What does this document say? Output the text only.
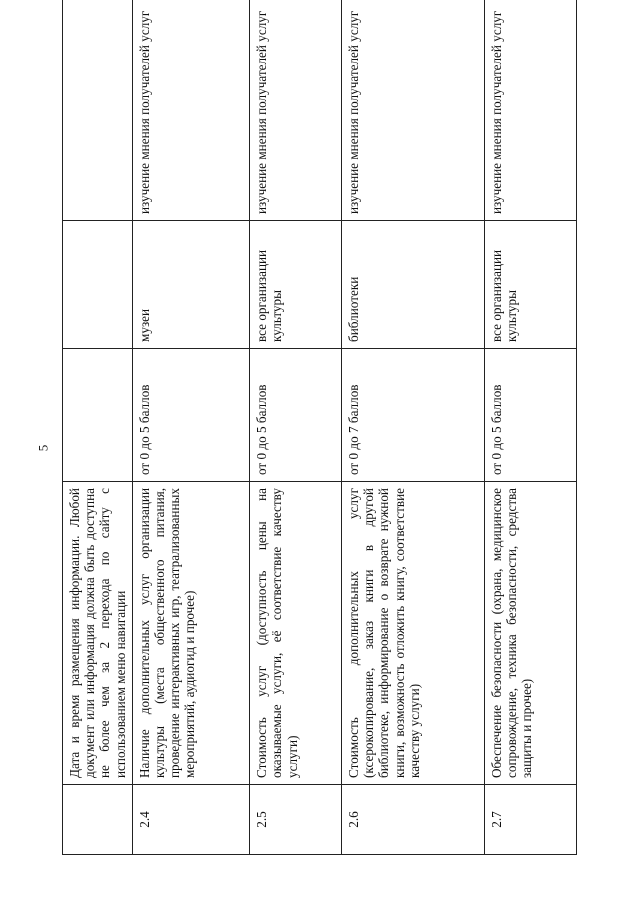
5
	Дата и время размещения информации. Любой документ или информация должна быть доступна не более чем за 2 перехода по сайту с использованием меню навигации			
2.4	Наличие дополнительных услуг организации культуры (места общественного питания, проведение интерактивных игр, театрализованных мероприятий, аудиогид и прочее)	от 0 до 5 баллов	музеи	изучение мнения получателей услуг
2.5	Стоимость услуг (доступность цены на оказываемые услуги, её соответствие качеству услуги)	от 0 до 5 баллов	все организации культуры	изучение мнения получателей услуг
2.6	Стоимость дополнительных услуг (ксерокопирование, заказ книги в другой библиотеке, информирование о возврате нужной книги, возможность отложить книгу, соответствие качеству услуги)	от 0 до 7 баллов	библиотеки	изучение мнения получателей услуг
2.7	Обеспечение безопасности (охрана, медицинское сопровождение, техника безопасности, средства защиты и прочее)	от 0 до 5 баллов	все организации культуры	изучение мнения получателей услуг
